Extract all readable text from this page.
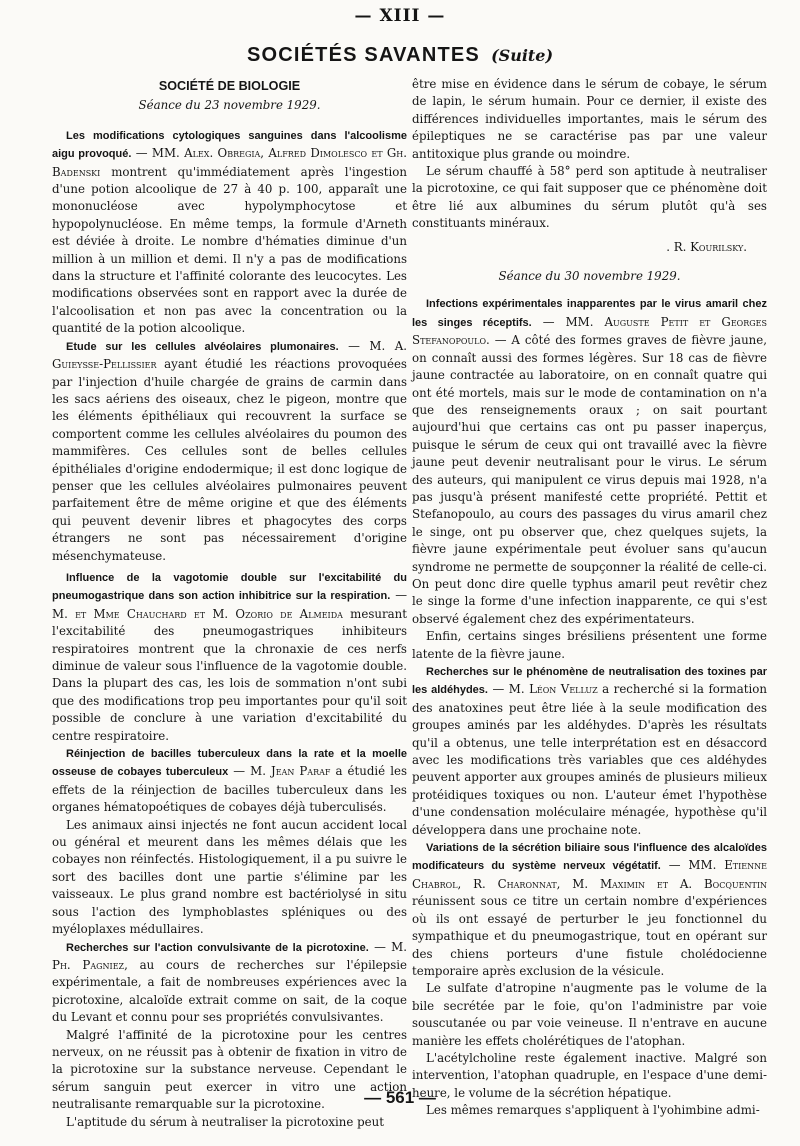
— XIII —
SOCIÉTÉS SAVANTES (Suite)
SOCIÉTÉ DE BIOLOGIE
Séance du 23 novembre 1929.

Les modifications cytologiques sanguines dans l'alcoolisme aigu provoqué. — MM. Alex. Obregia, Alfred Dimolesco et Gh. Badenski montrent qu'immédiatement après l'ingestion d'une potion alcoolique de 27 à 40 p. 100, apparaît une mononucléose avec hypolymphocytose et hypopolynucléose. En même temps, la formule d'Arneth est déviée à droite. Le nombre d'hématies diminue d'un million à un million et demi. Il n'y a pas de modifications dans la structure et l'affinité colorante des leucocytes. Les modifications observées sont en rapport avec la durée de l'alcoolisation et non pas avec la concentration ou la quantité de la potion alcoolique.

Etude sur les cellules alvéolaires plumonaires. — M. A. Guieysse-Pellissier ayant étudié les réactions provoquées par l'injection d'huile chargée de grains de carmin dans les sacs aériens des oiseaux, chez le pigeon, montre que les éléments épithéliaux qui recouvrent la surface se comportent comme les cellules alvéolaires du poumon des mammifères. Ces cellules sont de belles cellules épithéliales d'origine endodermique; il est donc logique de penser que les cellules alvéolaires pulmonaires peuvent parfaitement être de même origine et que des éléments qui peuvent devenir libres et phagocytes des corps étrangers ne sont pas nécessairement d'origine mésenchymateuse.

Influence de la vagotomie double sur l'excitabilité du pneumogastrique dans son action inhibitrice sur la respiration. — M. et Mme Chauchard et M. Ozorio de Almeida mesurant l'excitabilité des pneumogastriques inhibiteurs respiratoires montrent que la chronaxie de ces nerfs diminue de valeur sous l'influence de la vagotomie double. Dans la plupart des cas, les lois de sommation n'ont subi que des modifications trop peu importantes pour qu'il soit possible de conclure à une variation d'excitabilité du centre respiratoire.

Réinjection de bacilles tuberculeux dans la rate et la moelle osseuse de cobayes tuberculeux — M. Jean Paraf a étudié les effets de la réinjection de bacilles tuberculeux dans les organes hématopoétiques de cobayes déjà tuberculisés.

Les animaux ainsi injectés ne font aucun accident local ou général et meurent dans les mêmes délais que les cobayes non réinfectés. Histologiquement, il a pu suivre le sort des bacilles dont une partie s'élimine par les vaisseaux. Le plus grand nombre est bactériolysé in situ sous l'action des lymphoblastes spléniques ou des myéloplaxes médullaires.

Recherches sur l'action convulsivante de la picrotoxine. — M. Ph. Pagniez, au cours de recherches sur l'épilepsie expérimentale, a fait de nombreuses expériences avec la picrotoxine, alcaloïde extrait comme on sait, de la coque du Levant et connu pour ses propriétés convulsivantes.

Malgré l'affinité de la picrotoxine pour les centres nerveux, on ne réussit pas à obtenir de fixation in vitro de la picrotoxine sur la substance nerveuse. Cependant le sérum sanguin peut exercer in vitro une action neutralisante remarquable sur la picrotoxine.

L'aptitude du sérum à neutraliser la picrotoxine peut

être mise en évidence dans le sérum de cobaye, le sérum de lapin, le sérum humain. Pour ce dernier, il existe des différences individuelles importantes, mais le sérum des épileptiques ne se caractérise pas par une valeur antitoxique plus grande ou moindre.

Le sérum chauffé à 58° perd son aptitude à neutraliser la picrotoxine, ce qui fait supposer que ce phénomène doit être lié aux albumines du sérum plutôt qu'à ses constituants minéraux.

. R. Kourilsky.
Séance du 30 novembre 1929.

Infections expérimentales inapparentes par le virus amaril chez les singes réceptifs. — MM. Auguste Petit et Georges Stefanopoulo. — A côté des formes graves de fièvre jaune, on connaît aussi des formes légères. Sur 18 cas de fièvre jaune contractée au laboratoire, on en connaît quatre qui ont été mortels, mais sur le mode de contamination on n'a que des renseignements oraux ; on sait pourtant aujourd'hui que certains cas ont pu passer inaperçus, puisque le sérum de ceux qui ont travaillé avec la fièvre jaune peut devenir neutralisant pour le virus. Le sérum des auteurs, qui manipulent ce virus depuis mai 1928, n'a pas jusqu'à présent manifesté cette propriété. Pettit et Stefanopoulo, au cours des passages du virus amaril chez le singe, ont pu observer que, chez quelques sujets, la fièvre jaune expérimentale peut évoluer sans qu'aucun syndrome ne permette de soupçonner la réalité de celle-ci. On peut donc dire quelle typhus amaril peut revêtir chez le singe la forme d'une infection inapparente, ce qui s'est observé également chez des expérimentateurs.

Enfin, certains singes brésiliens présentent une forme latente de la fièvre jaune.

Recherches sur le phénomène de neutralisation des toxines par les aldéhydes. — M. Léon Velluz a recherché si la formation des anatoxines peut être liée à la seule modification des groupes aminés par les aldéhydes. D'après les résultats qu'il a obtenus, une telle interprétation est en désaccord avec les modifications très variables que ces aldéhydes peuvent apporter aux groupes aminés de plusieurs milieux protéidiques toxiques ou non. L'auteur émet l'hypothèse d'une condensation moléculaire ménagée, hypothèse qu'il développera dans une prochaine note.

Variations de la sécrétion biliaire sous l'influence des alcaloïdes modificateurs du système nerveux végétatif. — MM. Etienne Chabrol, R. Charonnat, M. Maximin et A. Bocquentin réunissent sous ce titre un certain nombre d'expériences où ils ont essayé de perturber le jeu fonctionnel du sympathique et du pneumogastrique, tout en opérant sur des chiens porteurs d'une fistule cholédocienne temporaire après exclusion de la vésicule.

Le sulfate d'atropine n'augmente pas le volume de la bile secrétée par le foie, qu'on l'administre par voie souscutanée ou par voie veineuse. Il n'entrave en aucune manière les effets cholérétiques de l'atophan.

L'acétylcholine reste également inactive. Malgré son intervention, l'atophan quadruple, en l'espace d'une demi-heure, le volume de la sécrétion hépatique.

Les mêmes remarques s'appliquent à l'yohimbine admi-

— 561 —
